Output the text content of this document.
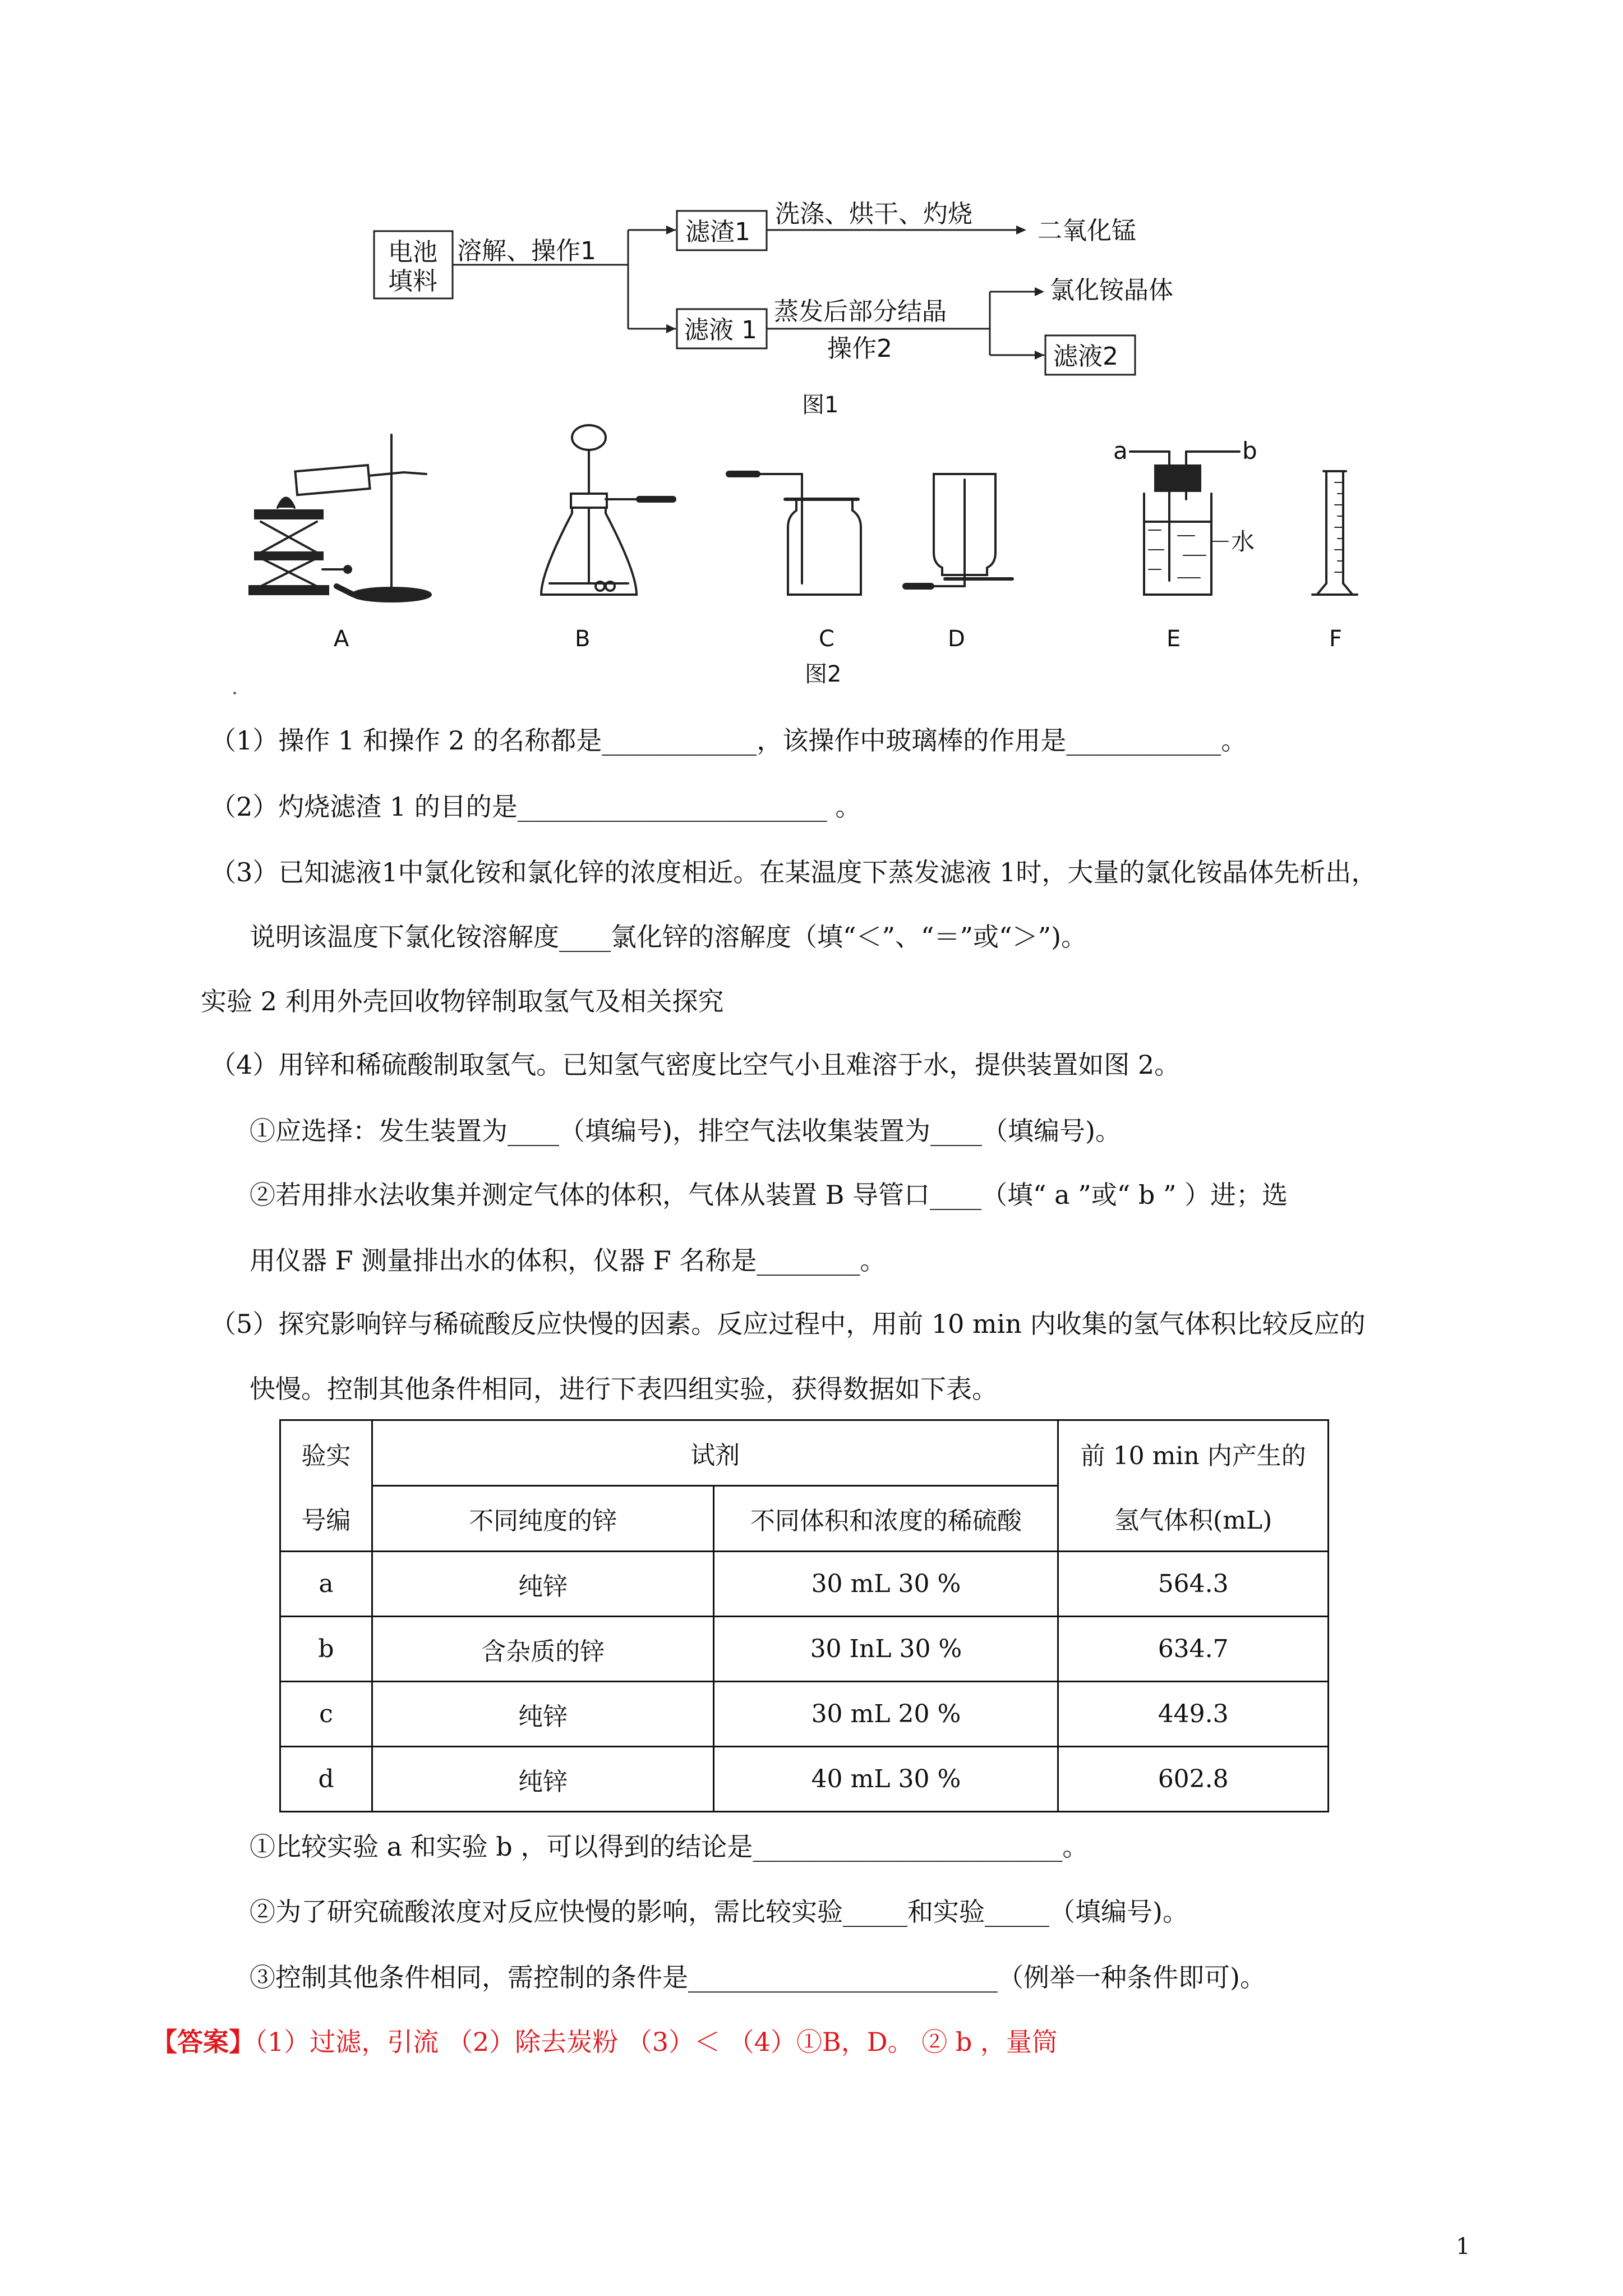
电池
填料
溶解、操作1
滤渣1
洗涤、烘干、灼烧
二氧化锰
滤液 1
蒸发后部分结晶
操作2
氯化铵晶体
滤液2
图1
a	b
水
A	B	C	D	E	F
图2
（1）操作 1 和操作 2 的名称都是____________，该操作中玻璃棒的作用是____________。
（2）灼烧滤渣 1 的目的是________________________ 。
（3）已知滤液1中氯化铵和氯化锌的浓度相近。在某温度下蒸发滤液 1时，大量的氯化铵晶体先析出，
说明该温度下氯化铵溶解度____氯化锌的溶解度（填“＜”、“＝”或“＞”)。
实验 2 利用外壳回收物锌制取氢气及相关探究
（4）用锌和稀硫酸制取氢气。已知氢气密度比空气小且难溶于水，提供装置如图 2。
①应选择：发生装置为____（填编号)，排空气法收集装置为____（填编号)。
②若用排水法收集并测定气体的体积，气体从装置 B 导管口____（填“ a ”或“ b ” ）进；选
用仪器 F 测量排出水的体积，仪器 F 名称是________。
（5）探究影响锌与稀硫酸反应快慢的因素。反应过程中，用前 10 min 内收集的氢气体积比较反应的
快慢。控制其他条件相同，进行下表四组实验，获得数据如下表。
验实	试剂		前 10 min 内产生的
号编	不同纯度的锌	不同体积和浓度的稀硫酸	氢气体积(mL)
a	纯锌	30 mL 30 %	564.3
b	含杂质的锌	30 InL 30 %	634.7
c	纯锌	30 mL 20 %	449.3
d	纯锌	40 mL 30 %	602.8
①比较实验 a 和实验 b ，可以得到的结论是________________________。
②为了研究硫酸浓度对反应快慢的影响，需比较实验_____和实验_____（填编号)。
③控制其他条件相同，需控制的条件是________________________（例举一种条件即可)。
【答案】（1）过滤，引流 （2）除去炭粉 （3）＜ （4）①B，D。 ② b ，量筒
1
